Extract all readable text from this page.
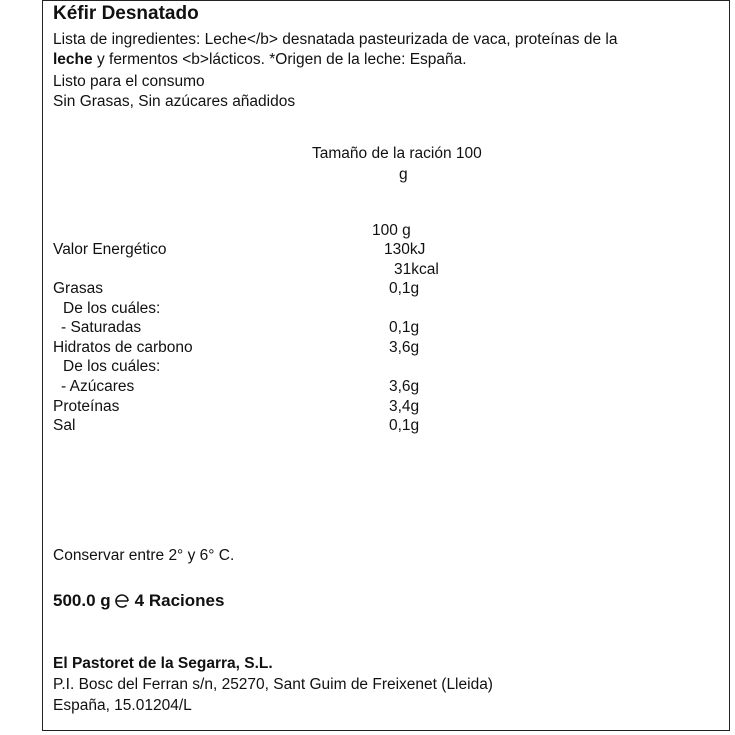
Kéfir Desnatado
Lista de ingredientes: Leche</b> desnatada pasteurizada de vaca, proteínas de la
leche y fermentos <b>lácticos. *Origen de la leche: España.
Listo para el consumo
Sin Grasas, Sin azúcares añadidos
Tamaño de la ración 100
g
100 g
Valor Energético	130kJ
31kcal
Grasas	0,1g
De los cuáles:
- Saturadas	0,1g
Hidratos de carbono	3,6g
De los cuáles:
- Azúcares	3,6g
Proteínas	3,4g
Sal	0,1g
Conservar entre 2° y 6° C.
500.0 g 4 Raciones
El Pastoret de la Segarra, S.L.
P.I. Bosc del Ferran s/n, 25270, Sant Guim de Freixenet (Lleida)
España, 15.01204/L
